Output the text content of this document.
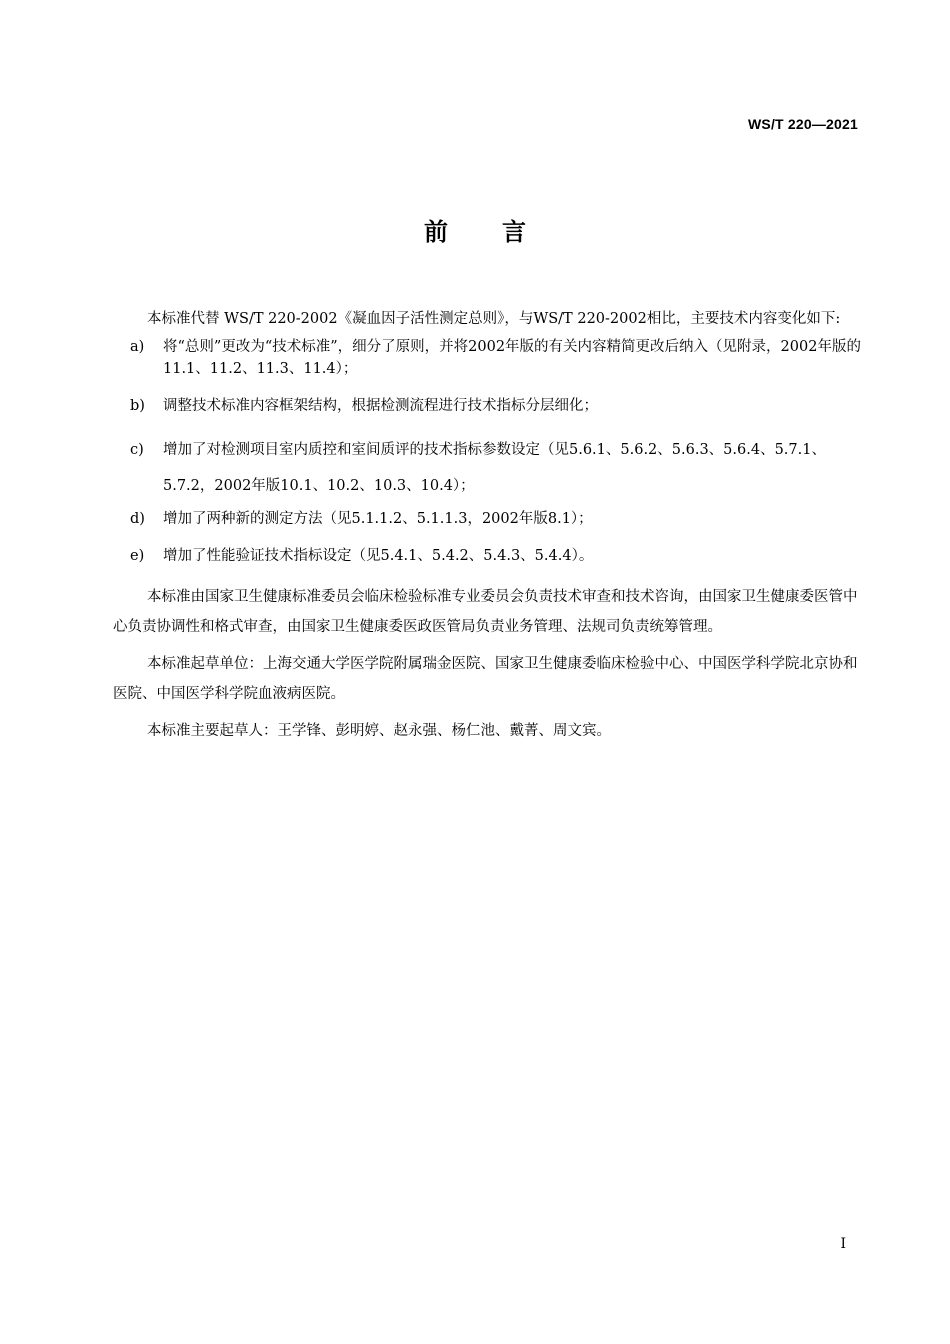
WS/T 220—2021
前言

本标准代替 WS/T 220-2002《凝血因子活性测定总则》，与WS/T 220-2002相比，主要技术内容变化如下:

a) 将“总则”更改为“技术标准”，细分了原则，并将2002年版的有关内容精简更改后纳入（见附录，2002年版的11.1、11.2、11.3、11.4）；
b) 调整技术标准内容框架结构，根据检测流程进行技术指标分层细化；
c) 增加了对检测项目室内质控和室间质评的技术指标参数设定（见5.6.1、5.6.2、5.6.3、5.6.4、5.7.1、5.7.2，2002年版10.1、10.2、10.3、10.4）；
d) 增加了两种新的测定方法（见5.1.1.2、5.1.1.3，2002年版8.1）；
e) 增加了性能验证技术指标设定（见5.4.1、5.4.2、5.4.3、5.4.4）。

本标准由国家卫生健康标准委员会临床检验标准专业委员会负责技术审查和技术咨询，由国家卫生健康委医管中心负责协调性和格式审查，由国家卫生健康委医政医管局负责业务管理、法规司负责统筹管理。

本标准起草单位：上海交通大学医学院附属瑞金医院、国家卫生健康委临床检验中心、中国医学科学院北京协和医院、中国医学科学院血液病医院。

本标准主要起草人：王学锋、彭明婷、赵永强、杨仁池、戴菁、周文宾。

I
